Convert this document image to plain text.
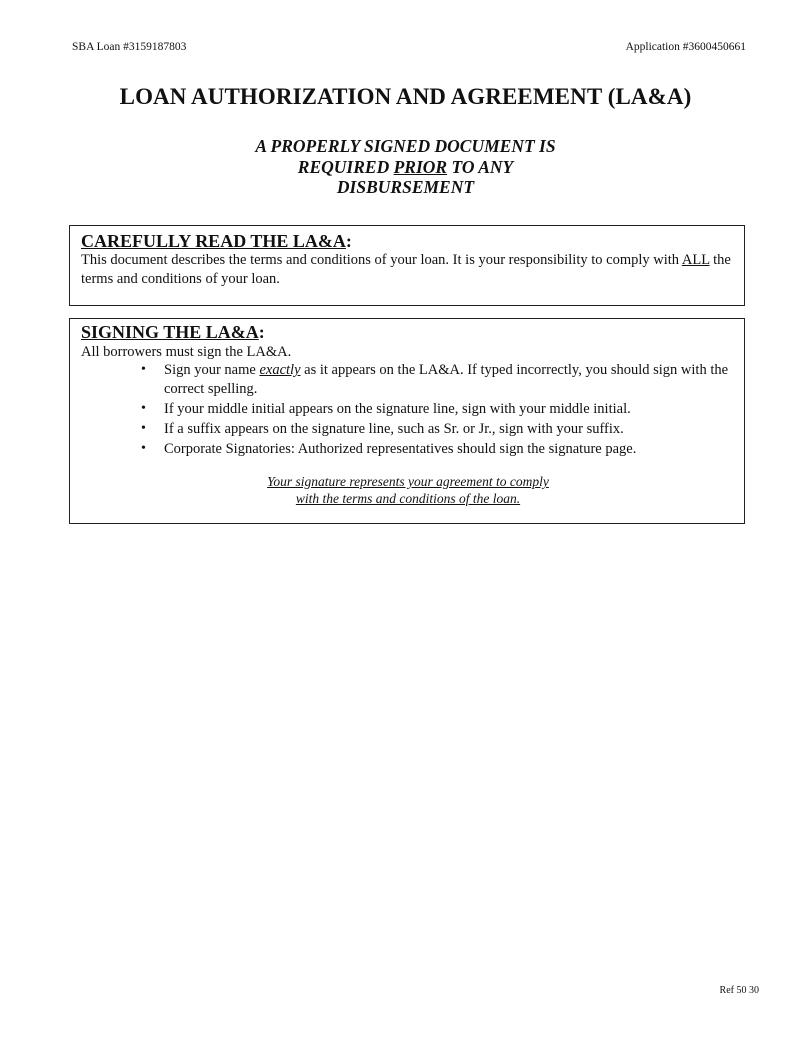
SBA Loan #3159187803	Application #3600450661
LOAN AUTHORIZATION AND AGREEMENT (LA&A)
A PROPERLY SIGNED DOCUMENT IS
REQUIRED PRIOR TO ANY
DISBURSEMENT
CAREFULLY READ THE LA&A:
This document describes the terms and conditions of your loan. It is your responsibility to comply with ALL the terms and conditions of your loan.
SIGNING THE LA&A:
All borrowers must sign the LA&A.
• Sign your name exactly as it appears on the LA&A. If typed incorrectly, you should sign with the correct spelling.
• If your middle initial appears on the signature line, sign with your middle initial.
• If a suffix appears on the signature line, such as Sr. or Jr., sign with your suffix.
• Corporate Signatories: Authorized representatives should sign the signature page.
Your signature represents your agreement to comply
with the terms and conditions of the loan.
Ref 50 30
